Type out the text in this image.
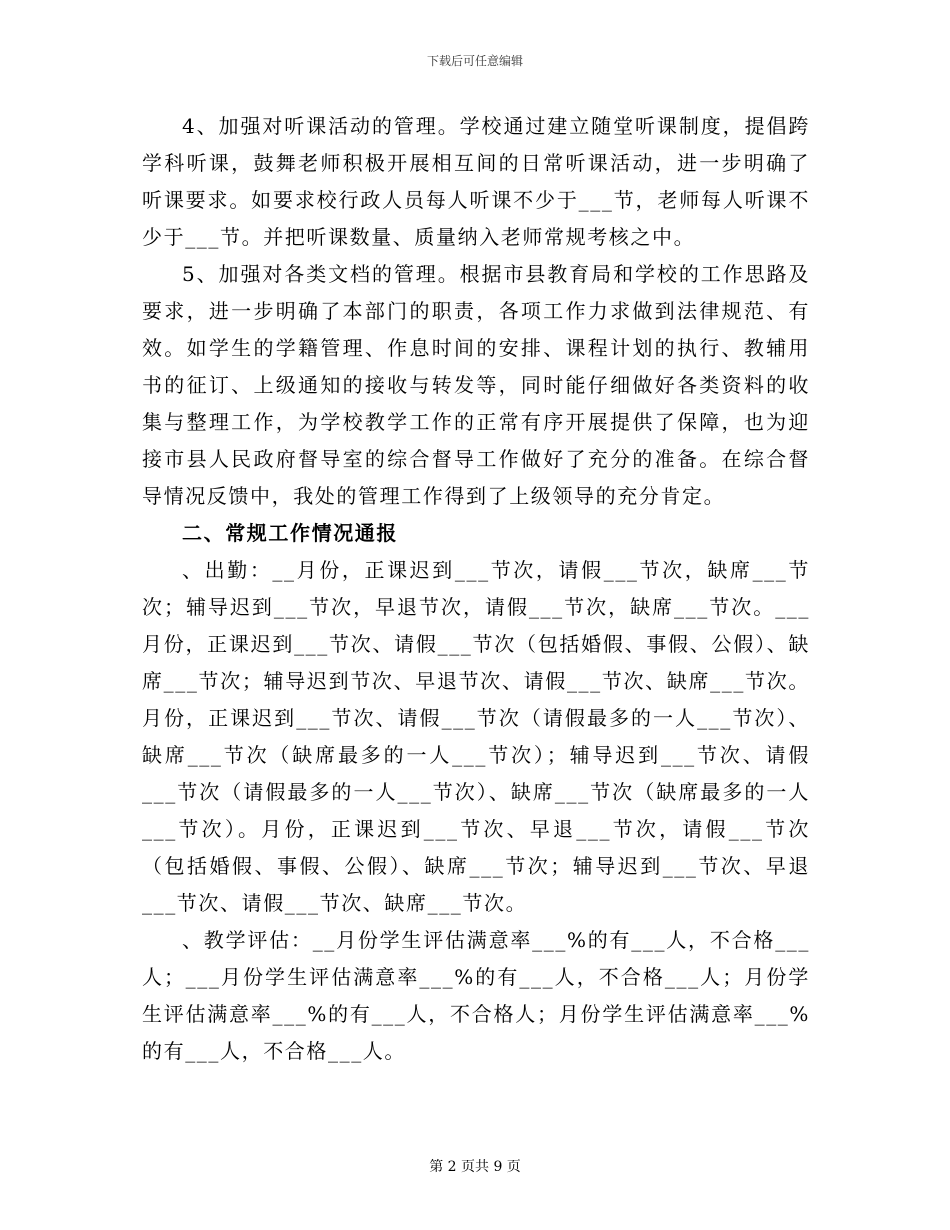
下载后可任意编辑

4、加强对听课活动的管理。学校通过建立随堂听课制度，提倡跨学科听课，鼓舞老师积极开展相互间的日常听课活动，进一步明确了听课要求。如要求校行政人员每人听课不少于___节，老师每人听课不少于___节。并把听课数量、质量纳入老师常规考核之中。

5、加强对各类文档的管理。根据市县教育局和学校的工作思路及要求，进一步明确了本部门的职责，各项工作力求做到法律规范、有效。如学生的学籍管理、作息时间的安排、课程计划的执行、教辅用书的征订、上级通知的接收与转发等，同时能仔细做好各类资料的收集与整理工作，为学校教学工作的正常有序开展提供了保障，也为迎接市县人民政府督导室的综合督导工作做好了充分的准备。在综合督导情况反馈中，我处的管理工作得到了上级领导的充分肯定。

二、常规工作情况通报

、出勤：__月份，正课迟到___节次，请假___节次，缺席___节次；辅导迟到___节次，早退节次，请假___节次，缺席___节次。___月份，正课迟到___节次、请假___节次（包括婚假、事假、公假）、缺席___节次；辅导迟到节次、早退节次、请假___节次、缺席___节次。月份，正课迟到___节次、请假___节次（请假最多的一人___节次）、缺席___节次（缺席最多的一人___节次）；辅导迟到___节次、请假___节次（请假最多的一人___节次）、缺席___节次（缺席最多的一人___节次）。月份，正课迟到___节次、早退___节次，请假___节次（包括婚假、事假、公假）、缺席___节次；辅导迟到___节次、早退___节次、请假___节次、缺席___节次。

、教学评估：__月份学生评估满意率___%的有___人，不合格___人；___月份学生评估满意率___%的有___人，不合格___人；月份学生评估满意率___%的有___人，不合格人；月份学生评估满意率___%的有___人，不合格___人。

第 2 页共 9 页
